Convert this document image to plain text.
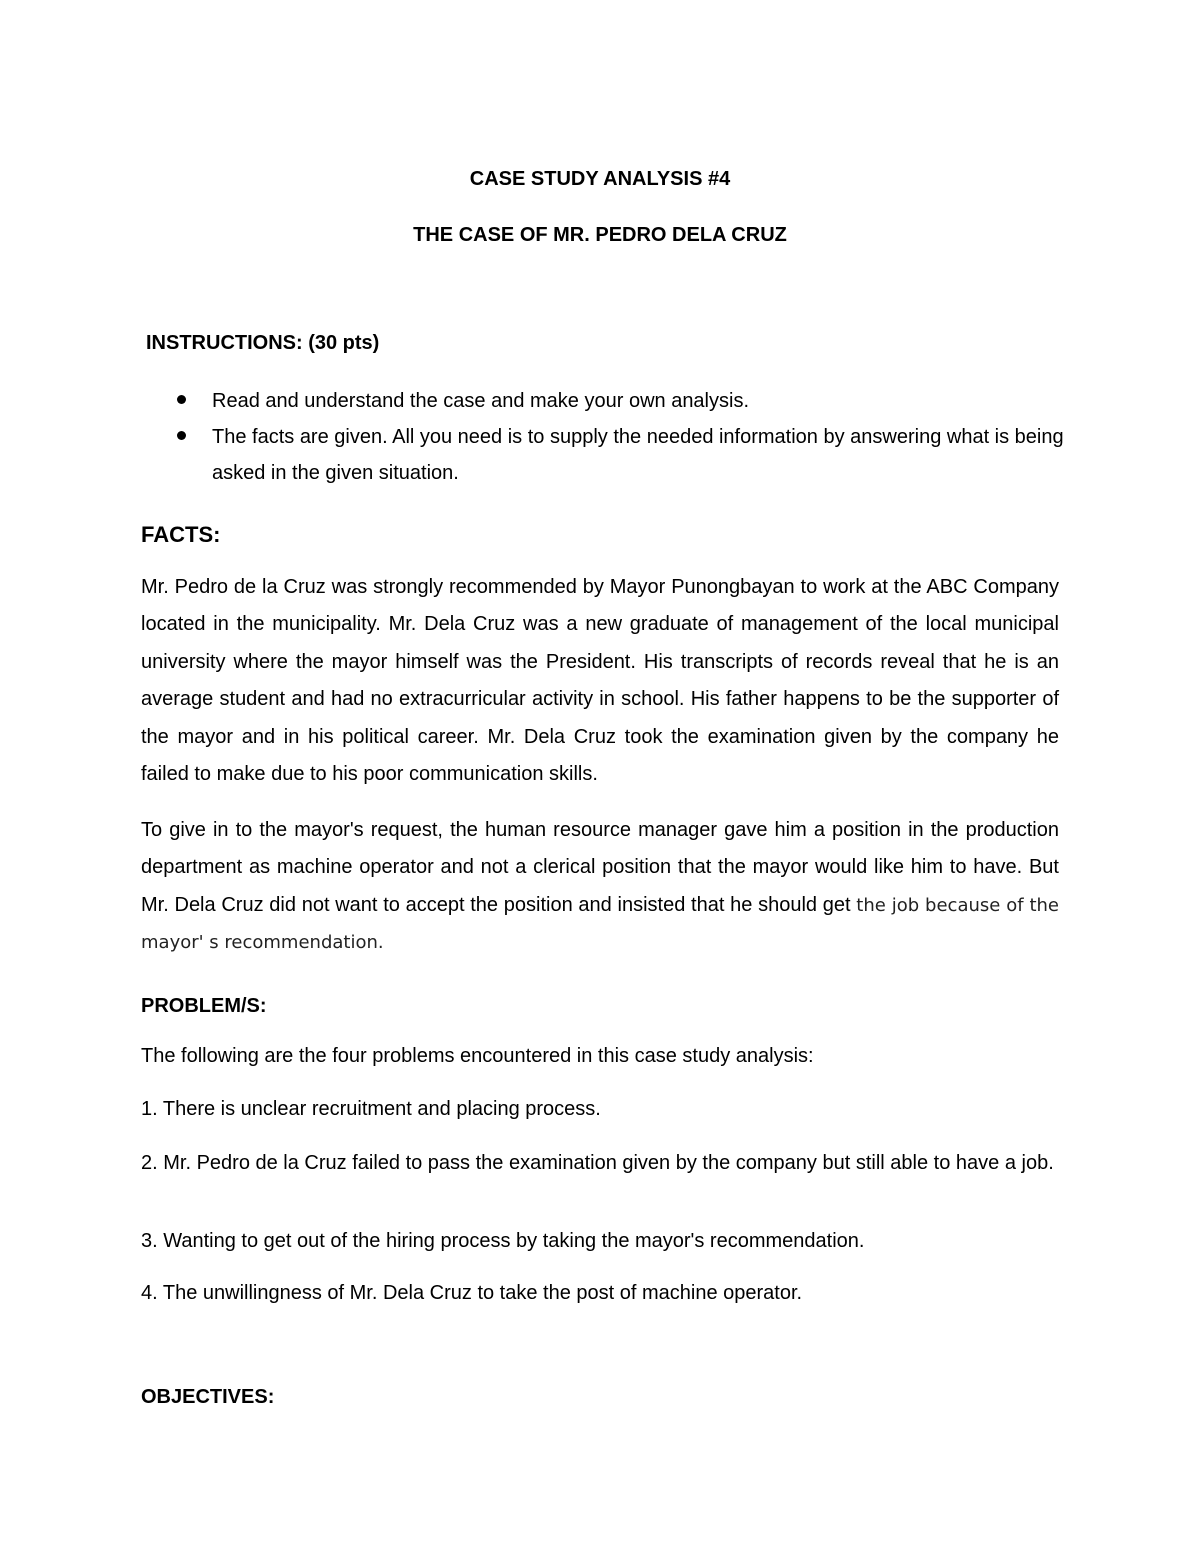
CASE STUDY ANALYSIS #4
THE CASE OF MR. PEDRO DELA CRUZ
INSTRUCTIONS: (30 pts)
Read and understand the case and make your own analysis.
The facts are given. All you need is to supply the needed information by answering what is being asked in the given situation.
FACTS:

Mr. Pedro de la Cruz was strongly recommended by Mayor Punongbayan to work at the ABC Company located in the municipality. Mr. Dela Cruz was a new graduate of management of the local municipal university where the mayor himself was the President. His transcripts of records reveal that he is an average student and had no extracurricular activity in school. His father happens to be the supporter of the mayor and in his political career. Mr. Dela Cruz took the examination given by the company he failed to make due to his poor communication skills.

To give in to the mayor's request, the human resource manager gave him a position in the production department as machine operator and not a clerical position that the mayor would like him to have. But Mr. Dela Cruz did not want to accept the position and insisted that he should get the job because of the mayor' s recommendation.

PROBLEM/S:

The following are the four problems encountered in this case study analysis:

1. There is unclear recruitment and placing process.

2. Mr. Pedro de la Cruz failed to pass the examination given by the company but still able to have a job.

3. Wanting to get out of the hiring process by taking the mayor's recommendation.

4. The unwillingness of Mr. Dela Cruz to take the post of machine operator.

OBJECTIVES:
